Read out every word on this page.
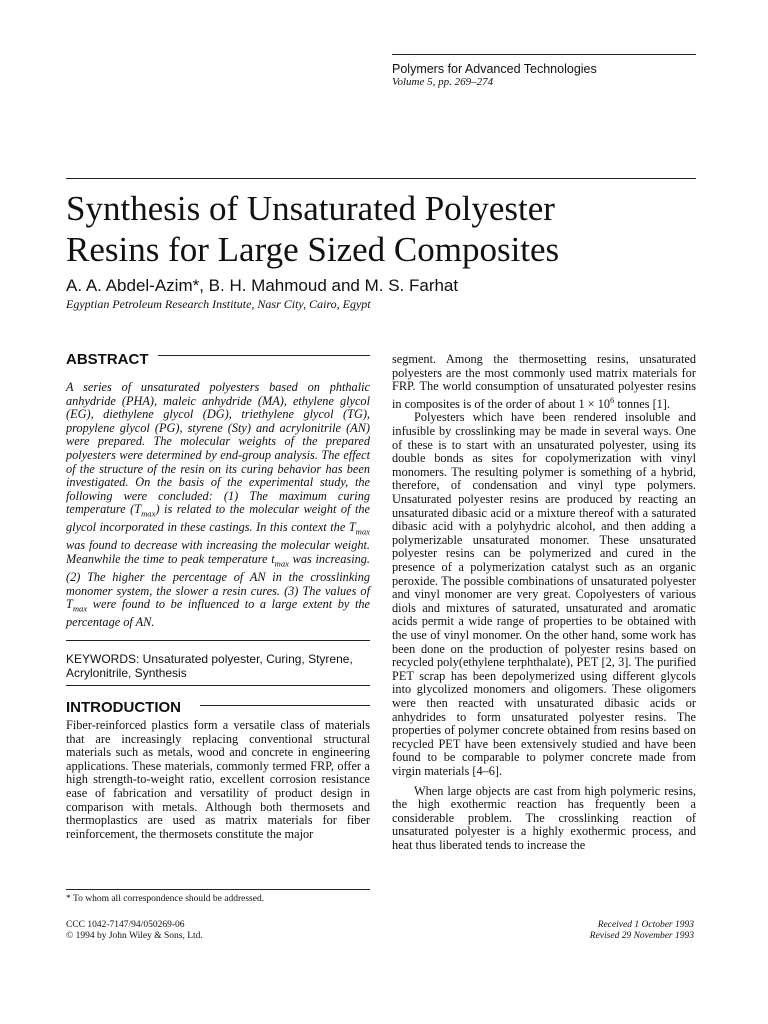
Polymers for Advanced Technologies
Volume 5, pp. 269–274
Synthesis of Unsaturated Polyester
Resins for Large Sized Composites
A. A. Abdel-Azim*, B. H. Mahmoud and M. S. Farhat
Egyptian Petroleum Research Institute, Nasr City, Cairo, Egypt
ABSTRACT

A series of unsaturated polyesters based on phthalic anhydride (PHA), maleic anhydride (MA), ethylene glycol (EG), diethylene glycol (DG), triethylene glycol (TG), propylene glycol (PG), styrene (Sty) and acrylonitrile (AN) were prepared. The molecular weights of the prepared polyesters were determined by end-group analysis. The effect of the structure of the resin on its curing behavior has been investigated. On the basis of the experimental study, the following were concluded: (1) The maximum curing temperature $(T_{max})$ is related to the molecular weight of the glycol incorporated in these castings. In this context the $T_{max}$ was found to decrease with increasing the molecular weight. Meanwhile the time to peak temperature $t_{max}$ was increasing. (2) The higher the percentage of AN in the crosslinking monomer system, the slower a resin cures. (3) The values of $T_{max}$ were found to be influenced to a large extent by the percentage of AN.

KEYWORDS: Unsaturated polyester, Curing, Styrene, Acrylonitrile, Synthesis
INTRODUCTION

Fiber-reinforced plastics form a versatile class of materials that are increasingly replacing conventional structural materials such as metals, wood and concrete in engineering applications. These materials, commonly termed FRP, offer a high strength-to-weight ratio, excellent corrosion resistance ease of fabrication and versatility of product design in comparison with metals. Although both thermosets and thermoplastics are used as matrix materials for fiber reinforcement, the thermosets constitute the major

segment. Among the thermosetting resins, unsaturated polyesters are the most commonly used matrix materials for FRP. The world consumption of unsaturated polyester resins in composites is of the order of about $1 \times 10^6$ tonnes [1].

Polyesters which have been rendered insoluble and infusible by crosslinking may be made in several ways. One of these is to start with an unsaturated polyester, using its double bonds as sites for copolymerization with vinyl monomers. The resulting polymer is something of a hybrid, therefore, of condensation and vinyl type polymers. Unsaturated polyester resins are produced by reacting an unsaturated dibasic acid or a mixture thereof with a saturated dibasic acid with a polyhydric alcohol, and then adding a polymerizable unsaturated monomer. These unsaturated polyester resins can be polymerized and cured in the presence of a polymerization catalyst such as an organic peroxide. The possible combinations of unsaturated polyester and vinyl monomer are very great. Copolyesters of various diols and mixtures of saturated, unsaturated and aromatic acids permit a wide range of properties to be obtained with the use of vinyl monomer. On the other hand, some work has been done on the production of polyester resins based on recycled poly(ethylene terphthalate), PET [2, 3]. The purified PET scrap has been depolymerized using different glycols into glycolized monomers and oligomers. These oligomers were then reacted with unsaturated dibasic acids or anhydrides to form unsaturated polyester resins. The properties of polymer concrete obtained from resins based on recycled PET have been extensively studied and have been found to be comparable to polymer concrete made from virgin materials [4–6].

When large objects are cast from high polymeric resins, the high exothermic reaction has frequently been a considerable problem. The crosslinking reaction of unsaturated polyester is a highly exothermic process, and heat thus liberated tends to increase the

* To whom all correspondence should be addressed.
CCC 1042-7147/94/050269-06
© 1994 by John Wiley & Sons, Ltd.
Received 1 October 1993
Revised 29 November 1993
